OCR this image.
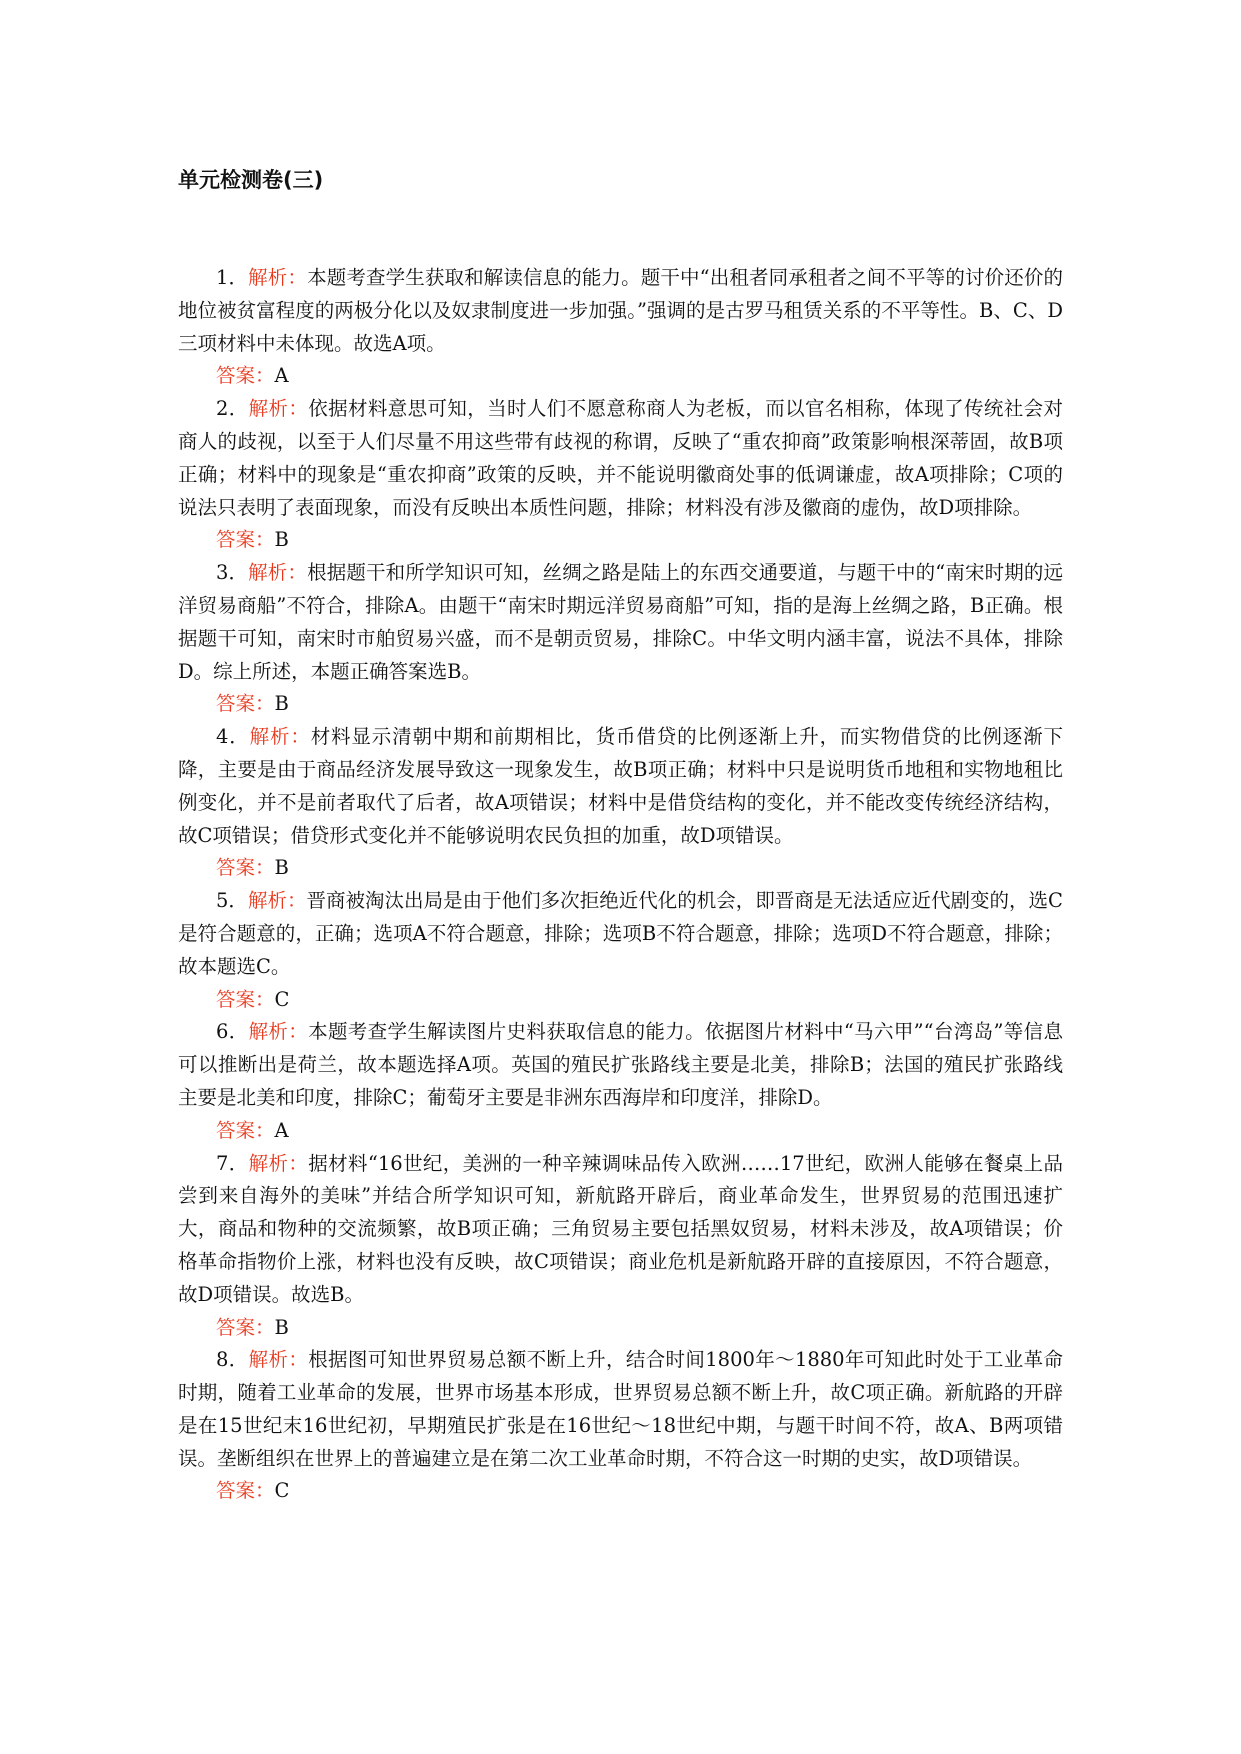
单元检测卷(三)

1．解析：本题考查学生获取和解读信息的能力。题干中“出租者同承租者之间不平等的讨价还价的地位被贫富程度的两极分化以及奴隶制度进一步加强。”强调的是古罗马租赁关系的不平等性。B、C、D三项材料中未体现。故选A项。

答案：A

2．解析：依据材料意思可知，当时人们不愿意称商人为老板，而以官名相称，体现了传统社会对商人的歧视，以至于人们尽量不用这些带有歧视的称谓，反映了“重农抑商”政策影响根深蒂固，故B项正确；材料中的现象是“重农抑商”政策的反映，并不能说明徽商处事的低调谦虚，故A项排除；C项的说法只表明了表面现象，而没有反映出本质性问题，排除；材料没有涉及徽商的虚伪，故D项排除。

答案：B

3．解析：根据题干和所学知识可知，丝绸之路是陆上的东西交通要道，与题干中的“南宋时期的远洋贸易商船”不符合，排除A。由题干“南宋时期远洋贸易商船”可知，指的是海上丝绸之路，B正确。根据题干可知，南宋时市舶贸易兴盛，而不是朝贡贸易，排除C。中华文明内涵丰富，说法不具体，排除D。综上所述，本题正确答案选B。

答案：B

4．解析：材料显示清朝中期和前期相比，货币借贷的比例逐渐上升，而实物借贷的比例逐渐下降，主要是由于商品经济发展导致这一现象发生，故B项正确；材料中只是说明货币地租和实物地租比例变化，并不是前者取代了后者，故A项错误；材料中是借贷结构的变化，并不能改变传统经济结构，故C项错误；借贷形式变化并不能够说明农民负担的加重，故D项错误。

答案：B

5．解析：晋商被淘汰出局是由于他们多次拒绝近代化的机会，即晋商是无法适应近代剧变的，选C是符合题意的，正确；选项A不符合题意，排除；选项B不符合题意，排除；选项D不符合题意，排除；故本题选C。

答案：C

6．解析：本题考查学生解读图片史料获取信息的能力。依据图片材料中“马六甲”“台湾岛”等信息可以推断出是荷兰，故本题选择A项。英国的殖民扩张路线主要是北美，排除B；法国的殖民扩张路线主要是北美和印度，排除C；葡萄牙主要是非洲东西海岸和印度洋，排除D。

答案：A

7．解析：据材料“16世纪，美洲的一种辛辣调味品传入欧洲……17世纪，欧洲人能够在餐桌上品尝到来自海外的美味”并结合所学知识可知，新航路开辟后，商业革命发生，世界贸易的范围迅速扩大，商品和物种的交流频繁，故B项正确；三角贸易主要包括黑奴贸易，材料未涉及，故A项错误；价格革命指物价上涨，材料也没有反映，故C项错误；商业危机是新航路开辟的直接原因，不符合题意，故D项错误。故选B。

答案：B

8．解析：根据图可知世界贸易总额不断上升，结合时间1800年～1880年可知此时处于工业革命时期，随着工业革命的发展，世界市场基本形成，世界贸易总额不断上升，故C项正确。新航路的开辟是在15世纪末16世纪初，早期殖民扩张是在16世纪～18世纪中期，与题干时间不符，故A、B两项错误。垄断组织在世界上的普遍建立是在第二次工业革命时期，不符合这一时期的史实，故D项错误。

答案：C
